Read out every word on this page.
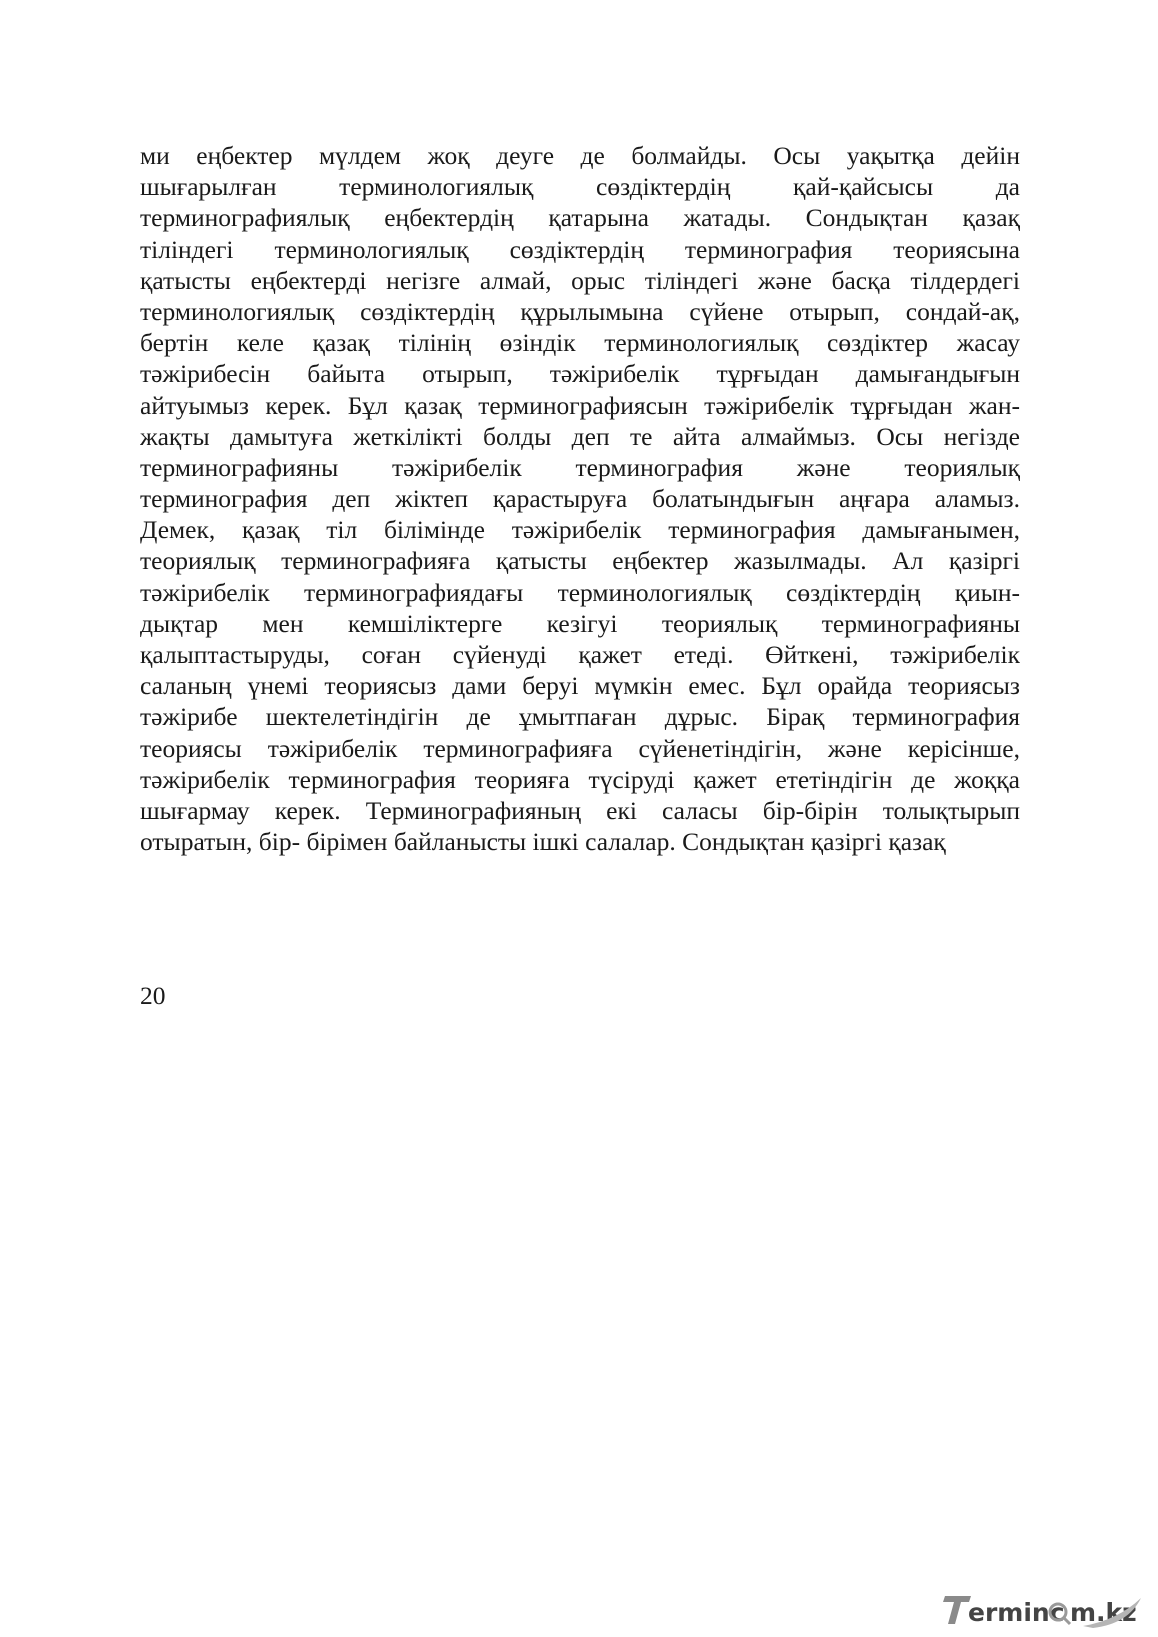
ми еңбектер мүлдем жоқ деуге де болмайды. Осы уақытқа дейін
шығарылған терминологиялық сөздіктердің қай-қайсысы да
терминографиялық еңбектердің қатарына жатады. Сондықтан қазақ
тіліндегі терминологиялық сөздіктердің терминография теориясына
қатысты еңбектерді негізге алмай, орыс тіліндегі және басқа тілдердегі
терминологиялық сөздіктердің құрылымына сүйене отырып, сондай-ақ,
бертін келе қазақ тілінің өзіндік терминологиялық сөздіктер жасау
тәжірибесін байыта отырып, тәжірибелік тұрғыдан дамығандығын
айтуымыз керек. Бұл қазақ терминографиясын тәжірибелік тұрғыдан жан-
жақты дамытуға жеткілікті болды деп те айта алмаймыз. Осы негізде
терминографияны тәжірибелік терминография және теориялық
терминография деп жіктеп қарастыруға болатындығын аңғара аламыз.
Демек, қазақ тіл білімінде тәжірибелік терминография дамығанымен,
теориялық терминографияға қатысты еңбектер жазылмады. Ал қазіргі
тәжірибелік терминографиядағы терминологиялық сөздіктердің қиын-
дықтар мен кемшіліктерге кезігуі теориялық терминографияны
қалыптастыруды, соған сүйенуді қажет етеді. Өйткені, тәжірибелік
саланың үнемі теориясыз дами беруі мүмкін емес. Бұл орайда теориясыз
тәжірибе шектелетіндігін де ұмытпаған дұрыс. Бірақ терминография
теориясы тәжірибелік терминографияға сүйенетіндігін, және керісінше,
тәжірибелік терминография теорияға түсіруді қажет ететіндігін де жоққа
шығармау керек. Терминографияның екі саласы бір-бірін толықтырып
отыратын, бір- бірімен байланысты ішкі салалар. Сондықтан қазіргі қазақ
20
erminc m.kz
